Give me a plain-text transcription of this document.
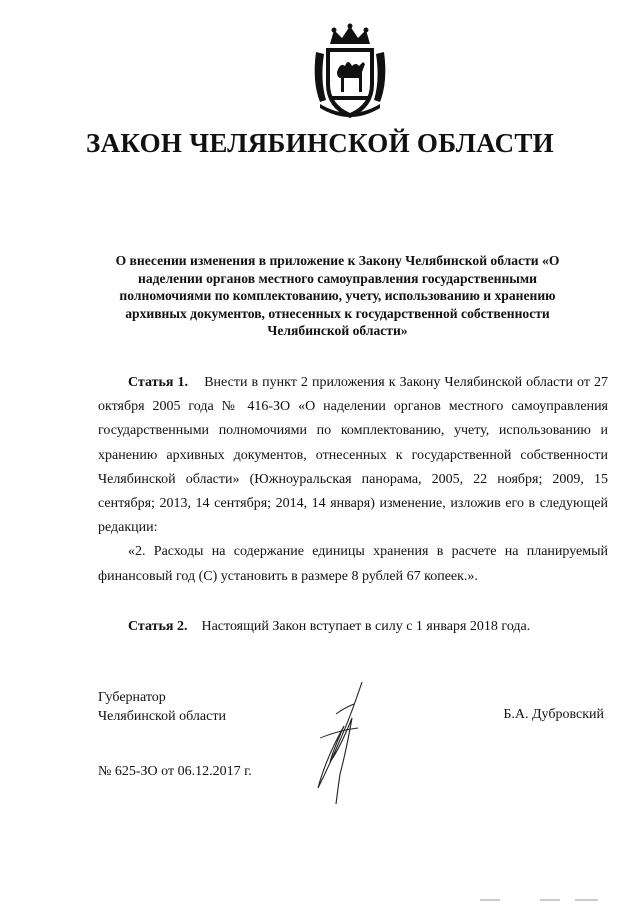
ЗАКОН ЧЕЛЯБИНСКОЙ ОБЛАСТИ
О внесении изменения в приложение к Закону Челябинской области «О наделении органов местного самоуправления государственными полномочиями по комплектованию, учету, использованию и хранению архивных документов, отнесенных к государственной собственности Челябинской области»

Статья 1. Внести в пункт 2 приложения к Закону Челябинской области от 27 октября 2005 года № 416-ЗО «О наделении органов местного самоуправления государственными полномочиями по комплектованию, учету, использованию и хранению архивных документов, отнесенных к государственной собственности Челябинской области» (Южноуральская панорама, 2005, 22 ноября; 2009, 15 сентября; 2013, 14 сентября; 2014, 14 января) изменение, изложив его в следующей редакции:

«2. Расходы на содержание единицы хранения в расчете на планируемый финансовый год (С) установить в размере 8 рублей 67 копеек.».

Статья 2. Настоящий Закон вступает в силу с 1 января 2018 года.
Губернатор
Челябинской области	Б.А. Дубровский
№ 625-ЗО от 06.12.2017 г.
